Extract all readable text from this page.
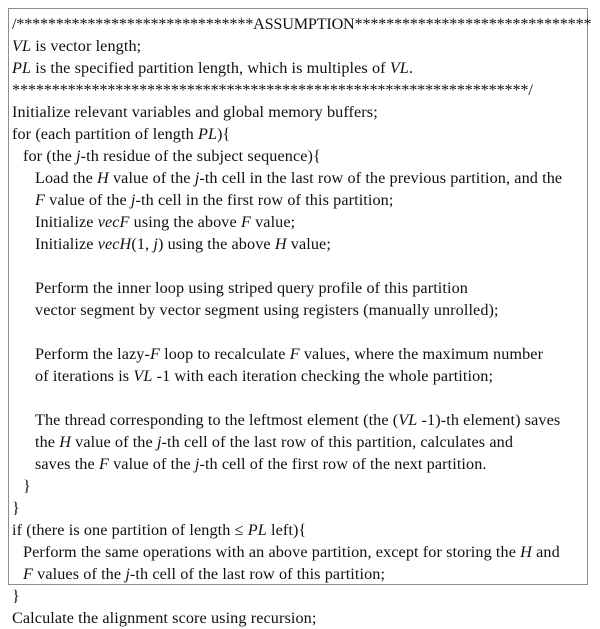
/******************************ASSUMPTION******************************
VL is vector length;
PL is the specified partition length, which is multiples of VL.
*****************************************************************/
Initialize relevant variables and global memory buffers;
for (each partition of length PL){
for (the j-th residue of the subject sequence){
Load the H value of the j-th cell in the last row of the previous partition, and the
F value of the j-th cell in the first row of this partition;
Initialize vecF using the above F value;
Initialize vecH(1, j) using the above H value;

Perform the inner loop using striped query profile of this partition
vector segment by vector segment using registers (manually unrolled);

Perform the lazy-F loop to recalculate F values, where the maximum number
of iterations is VL -1 with each iteration checking the whole partition;

The thread corresponding to the leftmost element (the (VL -1)-th element) saves
the H value of the j-th cell of the last row of this partition, calculates and
saves the F value of the j-th cell of the first row of the next partition.
}
}
if (there is one partition of length ≤ PL left){
Perform the same operations with an above partition, except for storing the H and
F values of the j-th cell of the last row of this partition;
}
Calculate the alignment score using recursion;
